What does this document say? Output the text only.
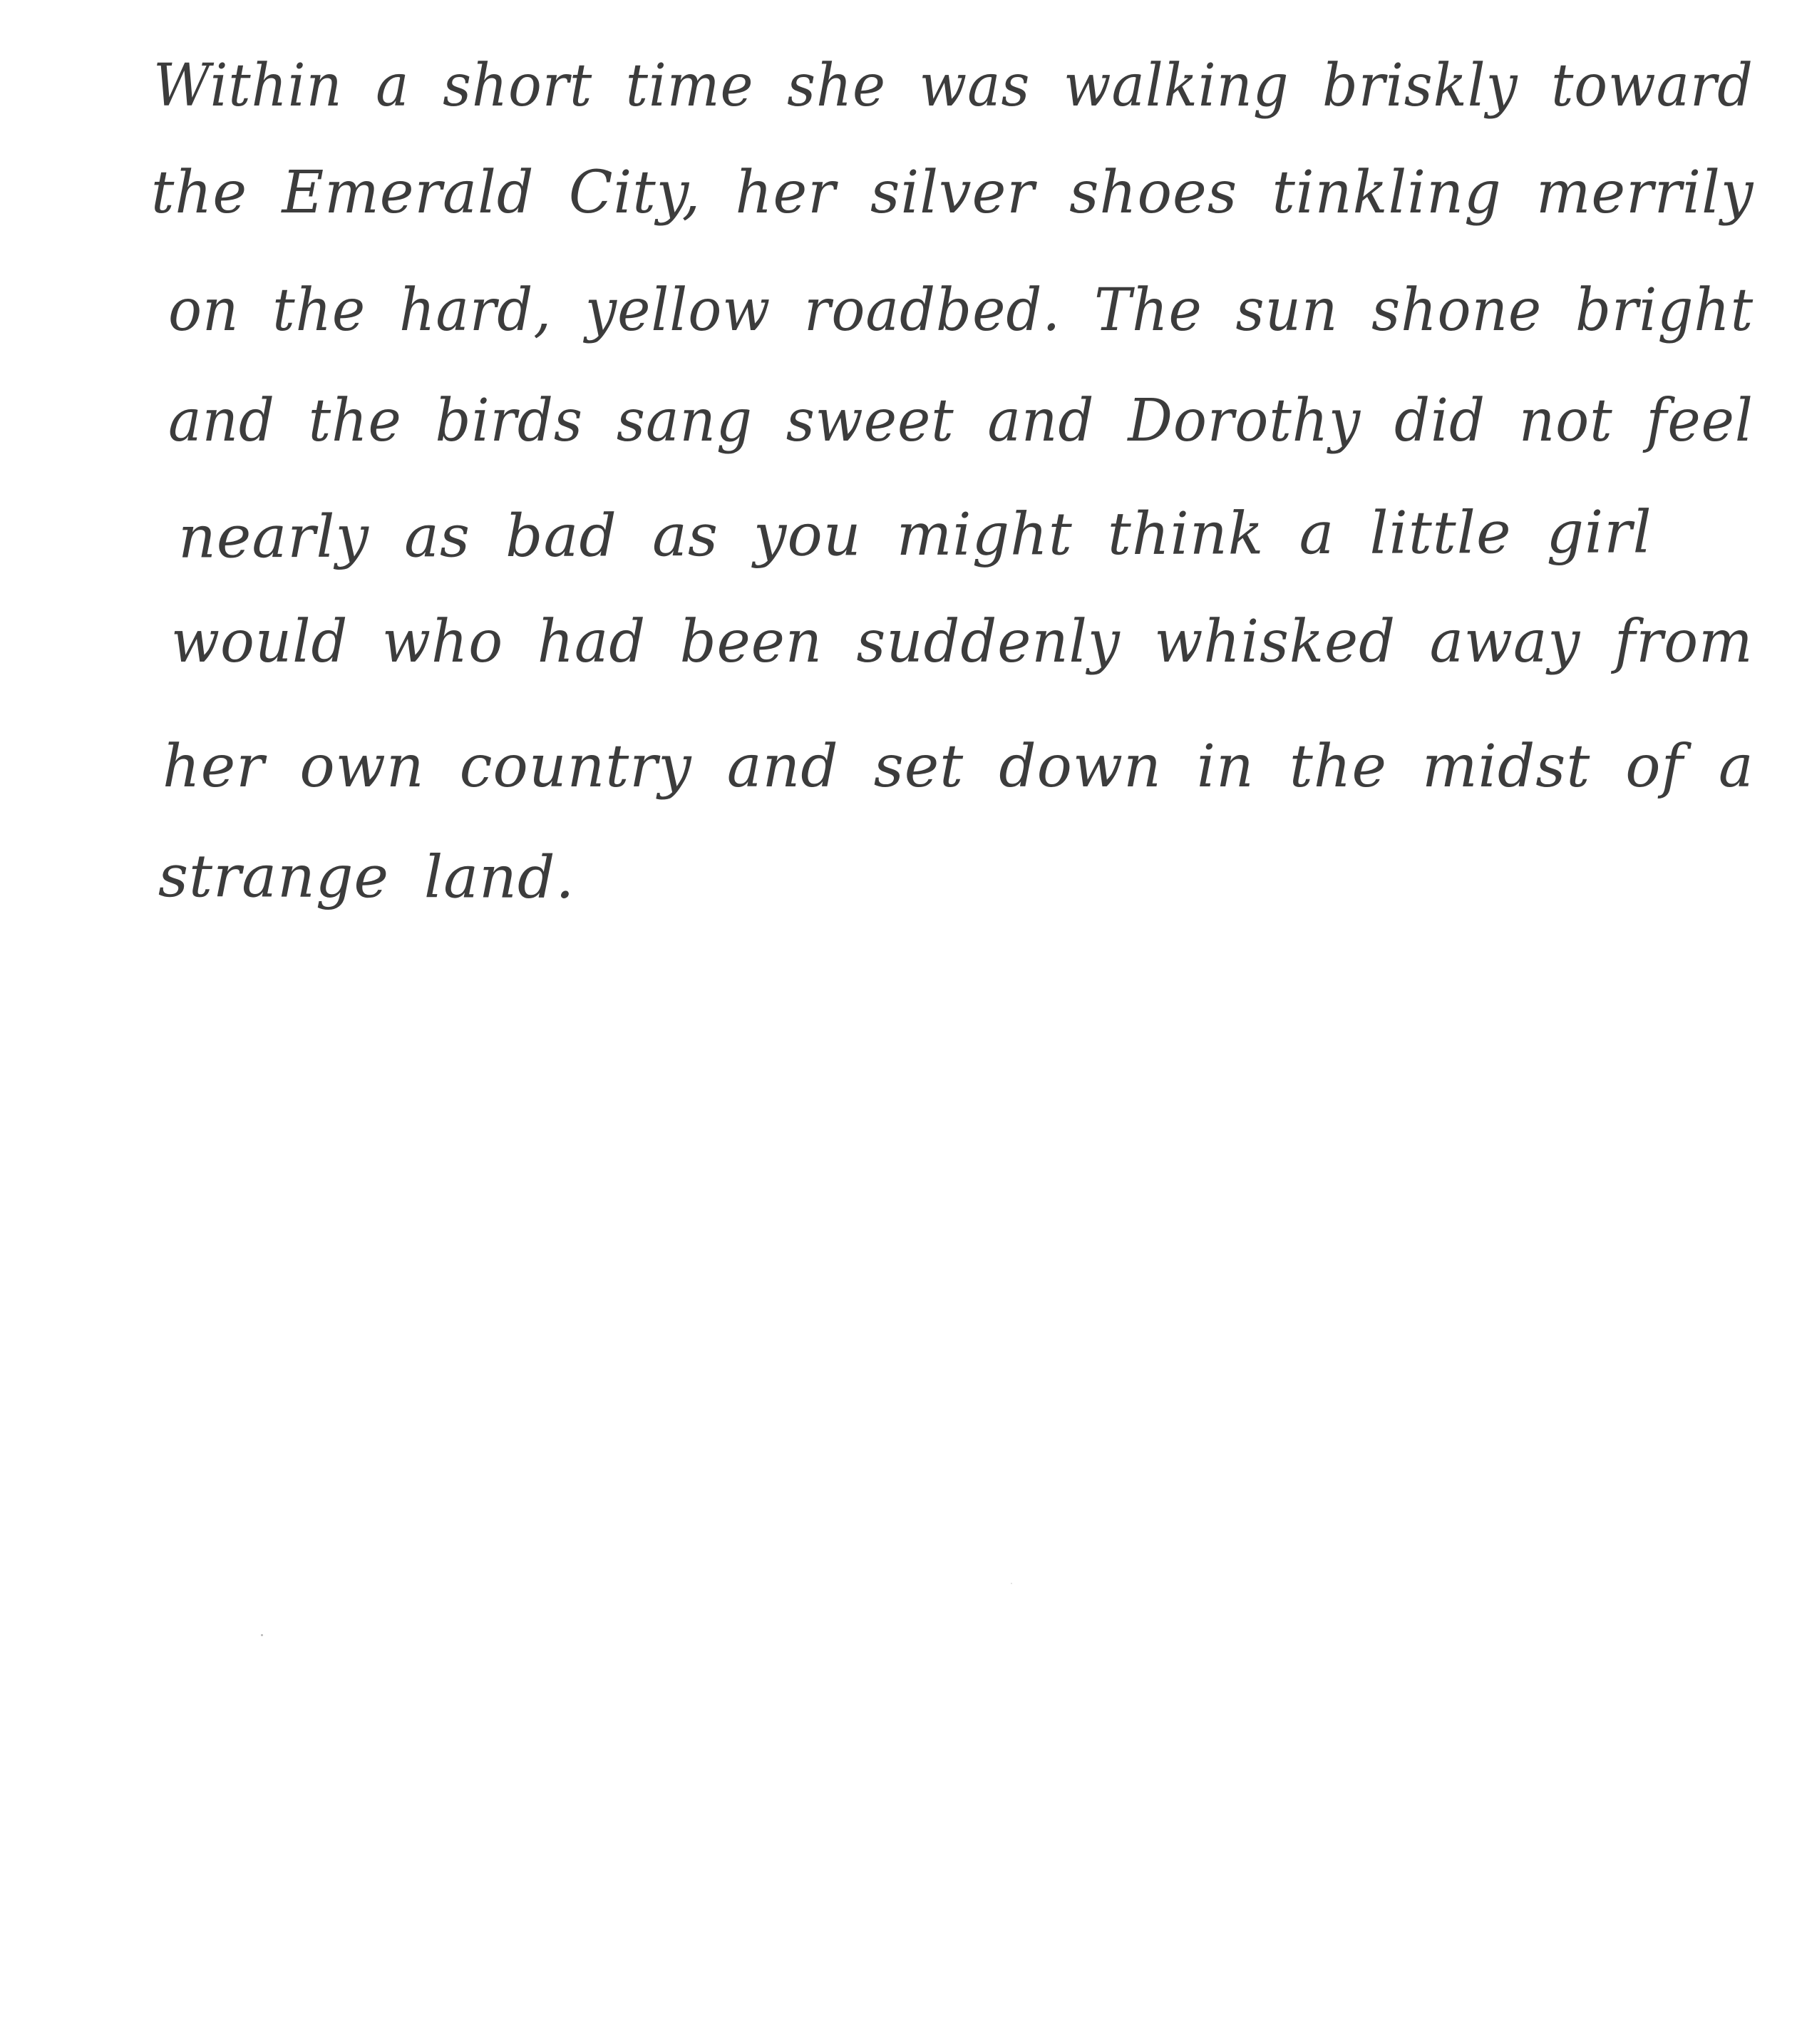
Within a short time she was walking briskly toward
the Emerald City, her silver shoes tinkling merrily
on the hard, yellow roadbed. The sun shone bright
and the birds sang sweet and Dorothy did not feel
nearly as bad as you might think a little girl
would who had been suddenly whisked away from
her own country and set down in the midst of a
strange land.
